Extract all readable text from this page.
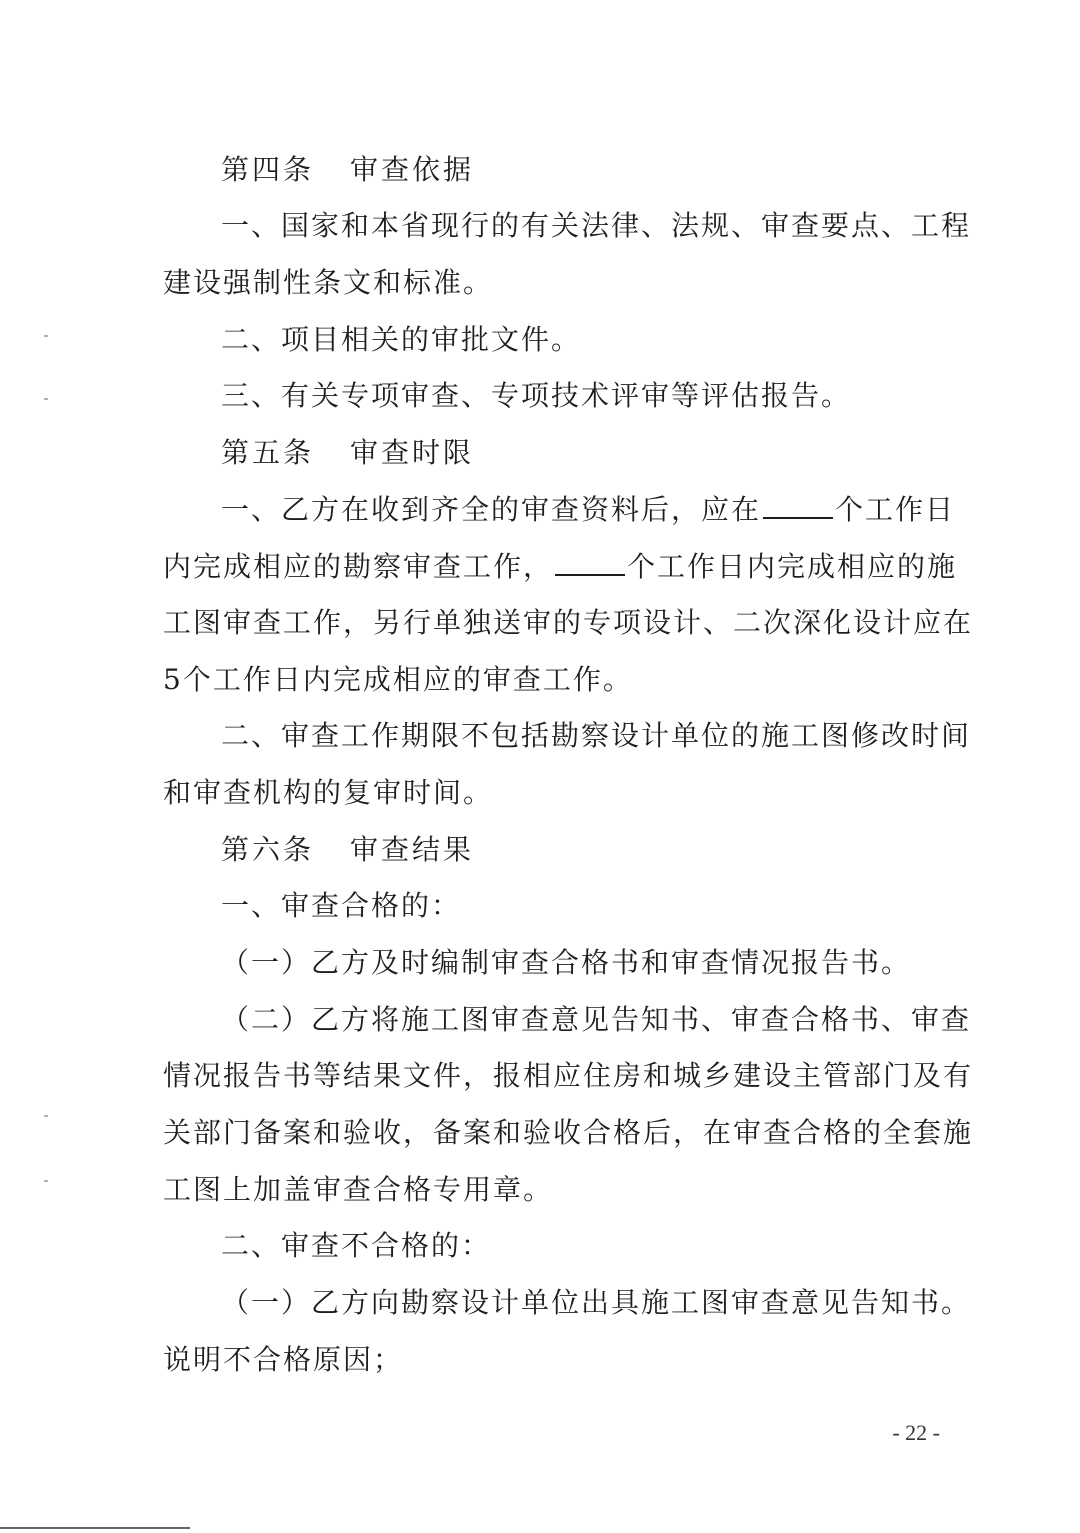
第四条 审查依据
一、国家和本省现行的有关法律、法规、审查要点、工程
建设强制性条文和标准。
二、项目相关的审批文件。
三、有关专项审查、专项技术评审等评估报告。
第五条 审查时限
一、乙方在收到齐全的审查资料后，应在	个工作日
内完成相应的勘察审查工作，	个工作日内完成相应的施
工图审查工作，另行单独送审的专项设计、二次深化设计应在
5个工作日内完成相应的审查工作。
二、审查工作期限不包括勘察设计单位的施工图修改时间
和审查机构的复审时间。
第六条 审查结果
一、审查合格的：
（一）乙方及时编制审查合格书和审查情况报告书。
（二）乙方将施工图审查意见告知书、审查合格书、审查
情况报告书等结果文件，报相应住房和城乡建设主管部门及有
关部门备案和验收，备案和验收合格后，在审查合格的全套施
工图上加盖审查合格专用章。
二、审查不合格的：
（一）乙方向勘察设计单位出具施工图审查意见告知书。
说明不合格原因；
- 22 -
